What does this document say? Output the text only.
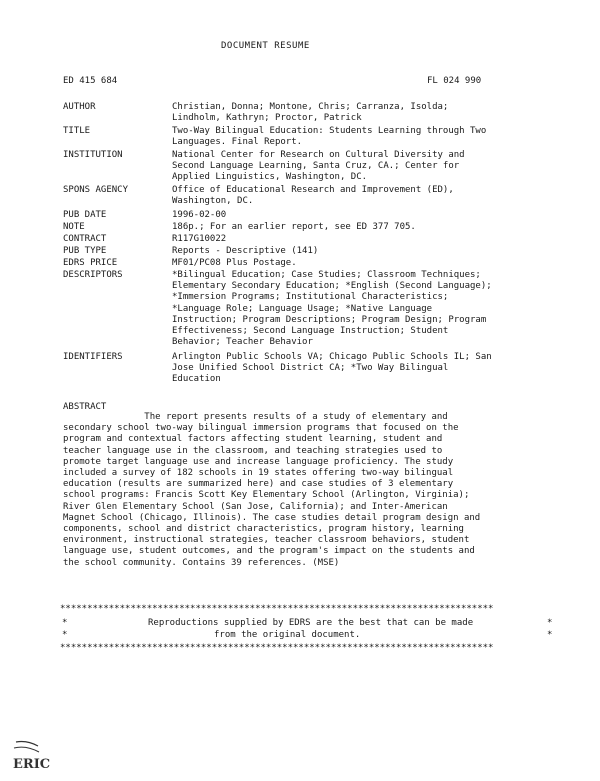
DOCUMENT RESUME
ED 415 684	FL 024 990
AUTHOR	Christian, Donna; Montone, Chris; Carranza, Isolda;
Lindholm, Kathryn; Proctor, Patrick
TITLE	Two-Way Bilingual Education: Students Learning through Two
Languages. Final Report.
INSTITUTION	National Center for Research on Cultural Diversity and
Second Language Learning, Santa Cruz, CA.; Center for
Applied Linguistics, Washington, DC.
SPONS AGENCY	Office of Educational Research and Improvement (ED),
Washington, DC.
PUB DATE	1996-02-00
NOTE	186p.; For an earlier report, see ED 377 705.
CONTRACT	R117G10022
PUB TYPE	Reports - Descriptive (141)
EDRS PRICE	MF01/PC08 Plus Postage.
DESCRIPTORS	*Bilingual Education; Case Studies; Classroom Techniques;
Elementary Secondary Education; *English (Second Language);
*Immersion Programs; Institutional Characteristics;
*Language Role; Language Usage; *Native Language
Instruction; Program Descriptions; Program Design; Program
Effectiveness; Second Language Instruction; Student
Behavior; Teacher Behavior
IDENTIFIERS	Arlington Public Schools VA; Chicago Public Schools IL; San
Jose Unified School District CA; *Two Way Bilingual
Education
ABSTRACT
The report presents results of a study of elementary and
secondary school two-way bilingual immersion programs that focused on the
program and contextual factors affecting student learning, student and
teacher language use in the classroom, and teaching strategies used to
promote target language use and increase language proficiency. The study
included a survey of 182 schools in 19 states offering two-way bilingual
education (results are summarized here) and case studies of 3 elementary
school programs: Francis Scott Key Elementary School (Arlington, Virginia);
River Glen Elementary School (San Jose, California); and Inter-American
Magnet School (Chicago, Illinois). The case studies detail program design and
components, school and district characteristics, program history, learning
environment, instructional strategies, teacher classroom behaviors, student
language use, student outcomes, and the program's impact on the students and
the school community. Contains 39 references. (MSE)
********************************************************************************
*	Reproductions supplied by EDRS are the best that can be made	*
*	from the original document.	*
********************************************************************************
ERIC
